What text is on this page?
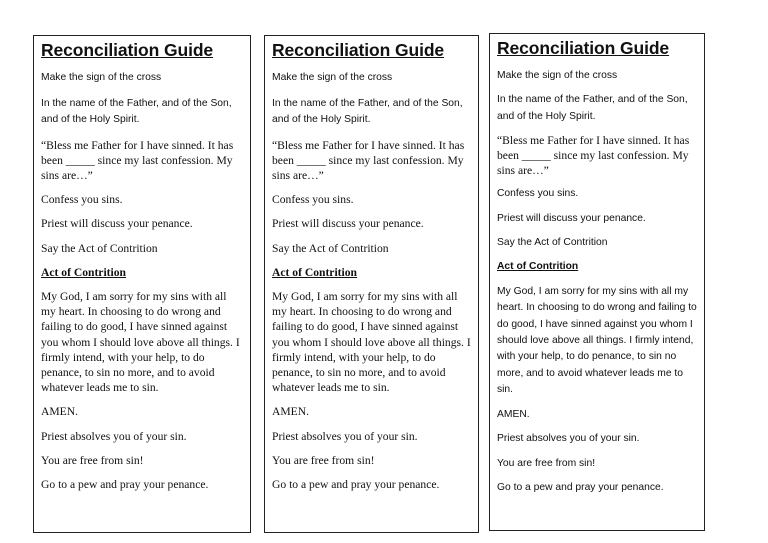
Reconciliation Guide

Make the sign of the cross

In the name of the Father, and of the Son, and of the Holy Spirit.

“Bless me Father for I have sinned. It has been _____ since my last confession. My sins are…”

Confess you sins.

Priest will discuss your penance.

Say the Act of Contrition

Act of Contrition

My God, I am sorry for my sins with all my heart. In choosing to do wrong and failing to do good, I have sinned against you whom I should love above all things. I firmly intend, with your help, to do penance, to sin no more, and to avoid whatever leads me to sin.

AMEN.

Priest absolves you of your sin.

You are free from sin!

Go to a pew and pray your penance.

Reconciliation Guide

Make the sign of the cross

In the name of the Father, and of the Son, and of the Holy Spirit.

“Bless me Father for I have sinned. It has been _____ since my last confession. My sins are…”

Confess you sins.

Priest will discuss your penance.

Say the Act of Contrition

Act of Contrition

My God, I am sorry for my sins with all my heart. In choosing to do wrong and failing to do good, I have sinned against you whom I should love above all things. I firmly intend, with your help, to do penance, to sin no more, and to avoid whatever leads me to sin.

AMEN.

Priest absolves you of your sin.

You are free from sin!

Go to a pew and pray your penance.

Reconciliation Guide

Make the sign of the cross

In the name of the Father, and of the Son, and of the Holy Spirit.

“Bless me Father for I have sinned. It has been _____ since my last confession. My sins are…”

Confess you sins.

Priest will discuss your penance.

Say the Act of Contrition

Act of Contrition

My God, I am sorry for my sins with all my heart. In choosing to do wrong and failing to do good, I have sinned against you whom I should love above all things. I firmly intend, with your help, to do penance, to sin no more, and to avoid whatever leads me to sin.

AMEN.

Priest absolves you of your sin.

You are free from sin!

Go to a pew and pray your penance.
